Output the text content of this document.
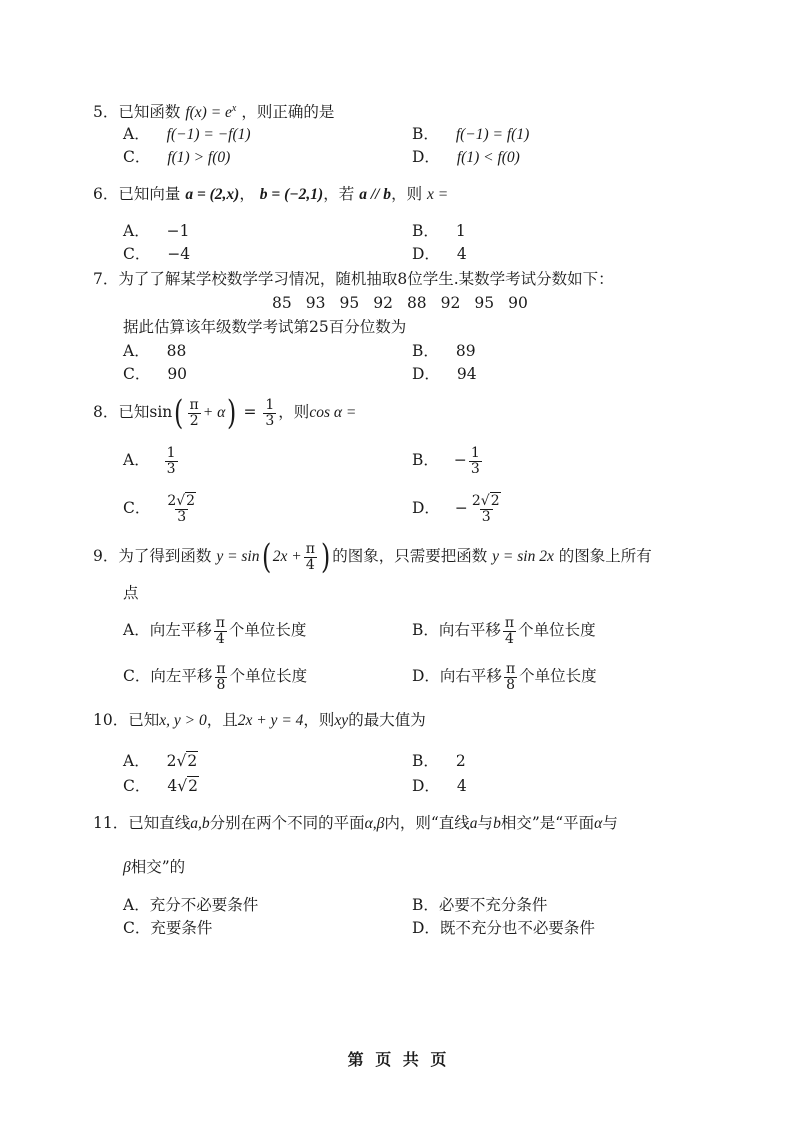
5．已知函数 $f(x) = e^x$ ，则正确的是
A． f(−1) = −f(1)	B． f(−1) = f(1)
C． f(1) > f(0)	D． f(1) < f(0)
6．已知向量 a = (2,x)， b = (−2,1)，若 a // b，则 x =
A． −1	B． 1
C． −4	D． 4
7．为了了解某学校数学学习情况，随机抽取8位学生.某数学考试分数如下：
85 93 95 92 88 92 95 90
据此估算该年级数学考试第25百分位数为
A． 88	B． 89
C． 90	D． 94
8．已知$\sin( \frac{\pi}{2} + \alpha) = \frac{1}{3}$ ，则cos α =
A． $\frac{1}{3}$	B． − $\frac{1}{3}$
C． $\frac{2√2}{3}$	D． − $\frac{2√2}{3}$
9．为了得到函数 y = sin( $2x + \frac{\pi}{4}$ ) 的图象，只需要把函数 y = sin 2x 的图象上所有
点
A．向左平移 $\frac{\pi}{4}$ 个单位长度	B．向右平移 $\frac{\pi}{4}$ 个单位长度
C．向左平移 $\frac{\pi}{8}$ 个单位长度	D．向右平移 $\frac{\pi}{8}$ 个单位长度
10．已知x, y > 0，且2x + y = 4，则xy的最大值为
A． 2√2	B． 2
C． 4√2	D． 4
11．已知直线a,b分别在两个不同的平面α,β内，则“直线a与b相交”是“平面α与
β相交”的
A．充分不必要条件	B．必要不充分条件
C．充要条件	D．既不充分也不必要条件
第 页 共 页
